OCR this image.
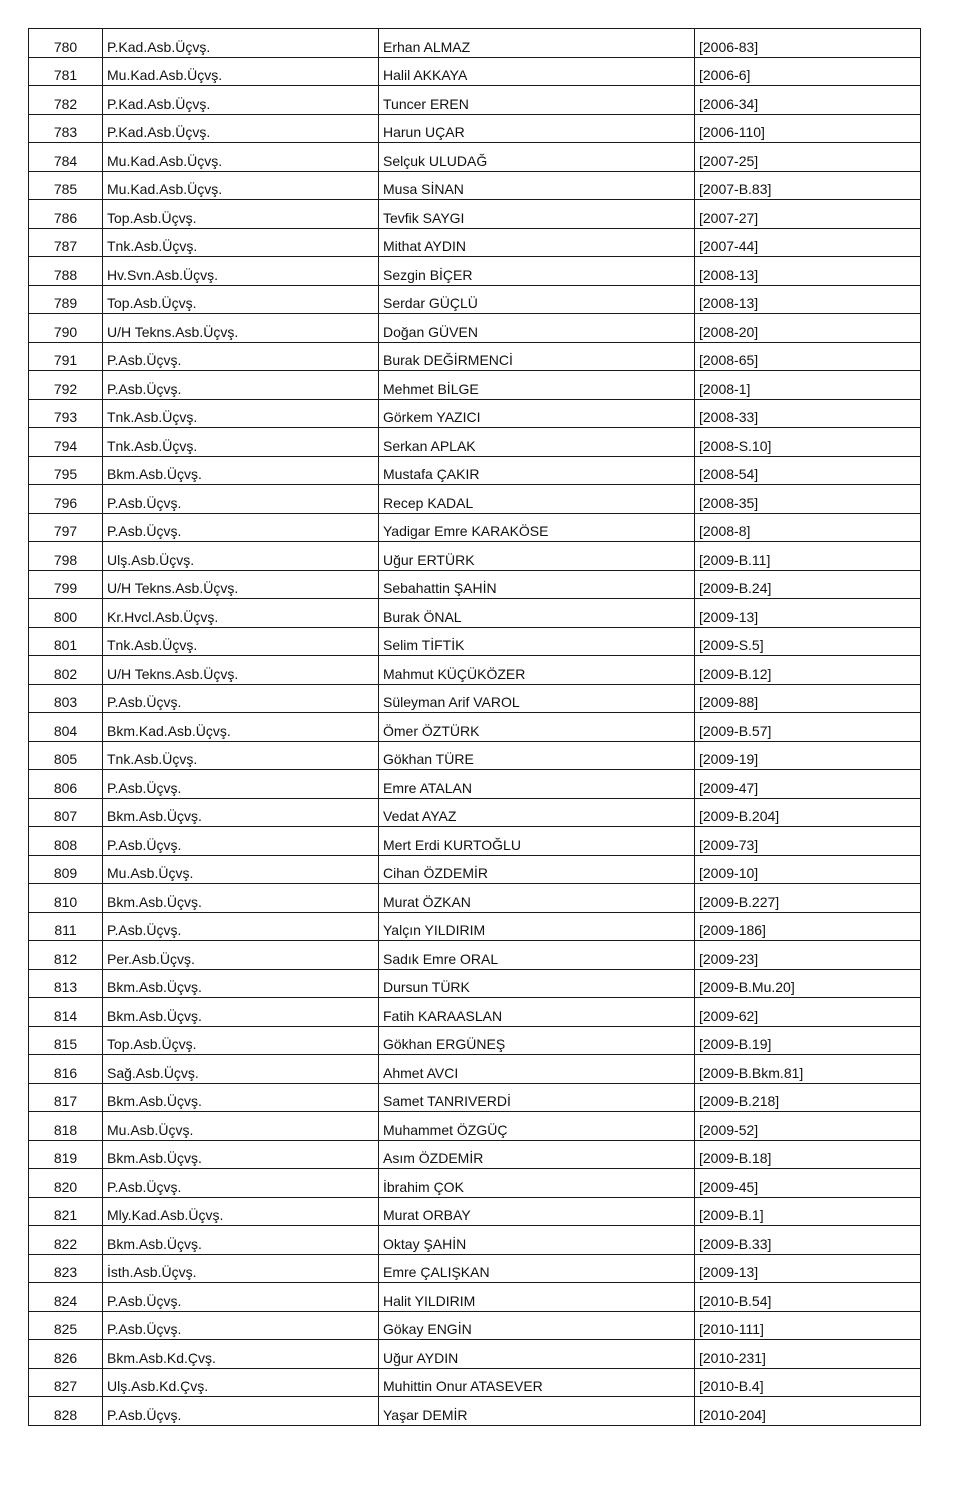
780	P.Kad.Asb.Üçvş.	Erhan ALMAZ	[2006-83]
781	Mu.Kad.Asb.Üçvş.	Halil AKKAYA	[2006-6]
782	P.Kad.Asb.Üçvş.	Tuncer EREN	[2006-34]
783	P.Kad.Asb.Üçvş.	Harun UÇAR	[2006-110]
784	Mu.Kad.Asb.Üçvş.	Selçuk ULUDAĞ	[2007-25]
785	Mu.Kad.Asb.Üçvş.	Musa SİNAN	[2007-B.83]
786	Top.Asb.Üçvş.	Tevfik SAYGI	[2007-27]
787	Tnk.Asb.Üçvş.	Mithat AYDIN	[2007-44]
788	Hv.Svn.Asb.Üçvş.	Sezgin BİÇER	[2008-13]
789	Top.Asb.Üçvş.	Serdar GÜÇLÜ	[2008-13]
790	U/H Tekns.Asb.Üçvş.	Doğan GÜVEN	[2008-20]
791	P.Asb.Üçvş.	Burak DEĞİRMENCİ	[2008-65]
792	P.Asb.Üçvş.	Mehmet BİLGE	[2008-1]
793	Tnk.Asb.Üçvş.	Görkem YAZICI	[2008-33]
794	Tnk.Asb.Üçvş.	Serkan APLAK	[2008-S.10]
795	Bkm.Asb.Üçvş.	Mustafa ÇAKIR	[2008-54]
796	P.Asb.Üçvş.	Recep KADAL	[2008-35]
797	P.Asb.Üçvş.	Yadigar Emre KARAKÖSE	[2008-8]
798	Ulş.Asb.Üçvş.	Uğur ERTÜRK	[2009-B.11]
799	U/H Tekns.Asb.Üçvş.	Sebahattin ŞAHİN	[2009-B.24]
800	Kr.Hvcl.Asb.Üçvş.	Burak ÖNAL	[2009-13]
801	Tnk.Asb.Üçvş.	Selim TİFTİK	[2009-S.5]
802	U/H Tekns.Asb.Üçvş.	Mahmut KÜÇÜKÖZER	[2009-B.12]
803	P.Asb.Üçvş.	Süleyman Arif VAROL	[2009-88]
804	Bkm.Kad.Asb.Üçvş.	Ömer ÖZTÜRK	[2009-B.57]
805	Tnk.Asb.Üçvş.	Gökhan TÜRE	[2009-19]
806	P.Asb.Üçvş.	Emre ATALAN	[2009-47]
807	Bkm.Asb.Üçvş.	Vedat AYAZ	[2009-B.204]
808	P.Asb.Üçvş.	Mert Erdi KURTOĞLU	[2009-73]
809	Mu.Asb.Üçvş.	Cihan ÖZDEMİR	[2009-10]
810	Bkm.Asb.Üçvş.	Murat ÖZKAN	[2009-B.227]
811	P.Asb.Üçvş.	Yalçın YILDIRIM	[2009-186]
812	Per.Asb.Üçvş.	Sadık Emre ORAL	[2009-23]
813	Bkm.Asb.Üçvş.	Dursun TÜRK	[2009-B.Mu.20]
814	Bkm.Asb.Üçvş.	Fatih KARAASLAN	[2009-62]
815	Top.Asb.Üçvş.	Gökhan ERGÜNEŞ	[2009-B.19]
816	Sağ.Asb.Üçvş.	Ahmet AVCI	[2009-B.Bkm.81]
817	Bkm.Asb.Üçvş.	Samet TANRIVERDİ	[2009-B.218]
818	Mu.Asb.Üçvş.	Muhammet ÖZGÜÇ	[2009-52]
819	Bkm.Asb.Üçvş.	Asım ÖZDEMİR	[2009-B.18]
820	P.Asb.Üçvş.	İbrahim ÇOK	[2009-45]
821	Mly.Kad.Asb.Üçvş.	Murat ORBAY	[2009-B.1]
822	Bkm.Asb.Üçvş.	Oktay ŞAHİN	[2009-B.33]
823	İsth.Asb.Üçvş.	Emre ÇALIŞKAN	[2009-13]
824	P.Asb.Üçvş.	Halit YILDIRIM	[2010-B.54]
825	P.Asb.Üçvş.	Gökay ENGİN	[2010-111]
826	Bkm.Asb.Kd.Çvş.	Uğur AYDIN	[2010-231]
827	Ulş.Asb.Kd.Çvş.	Muhittin Onur ATASEVER	[2010-B.4]
828	P.Asb.Üçvş.	Yaşar DEMİR	[2010-204]
